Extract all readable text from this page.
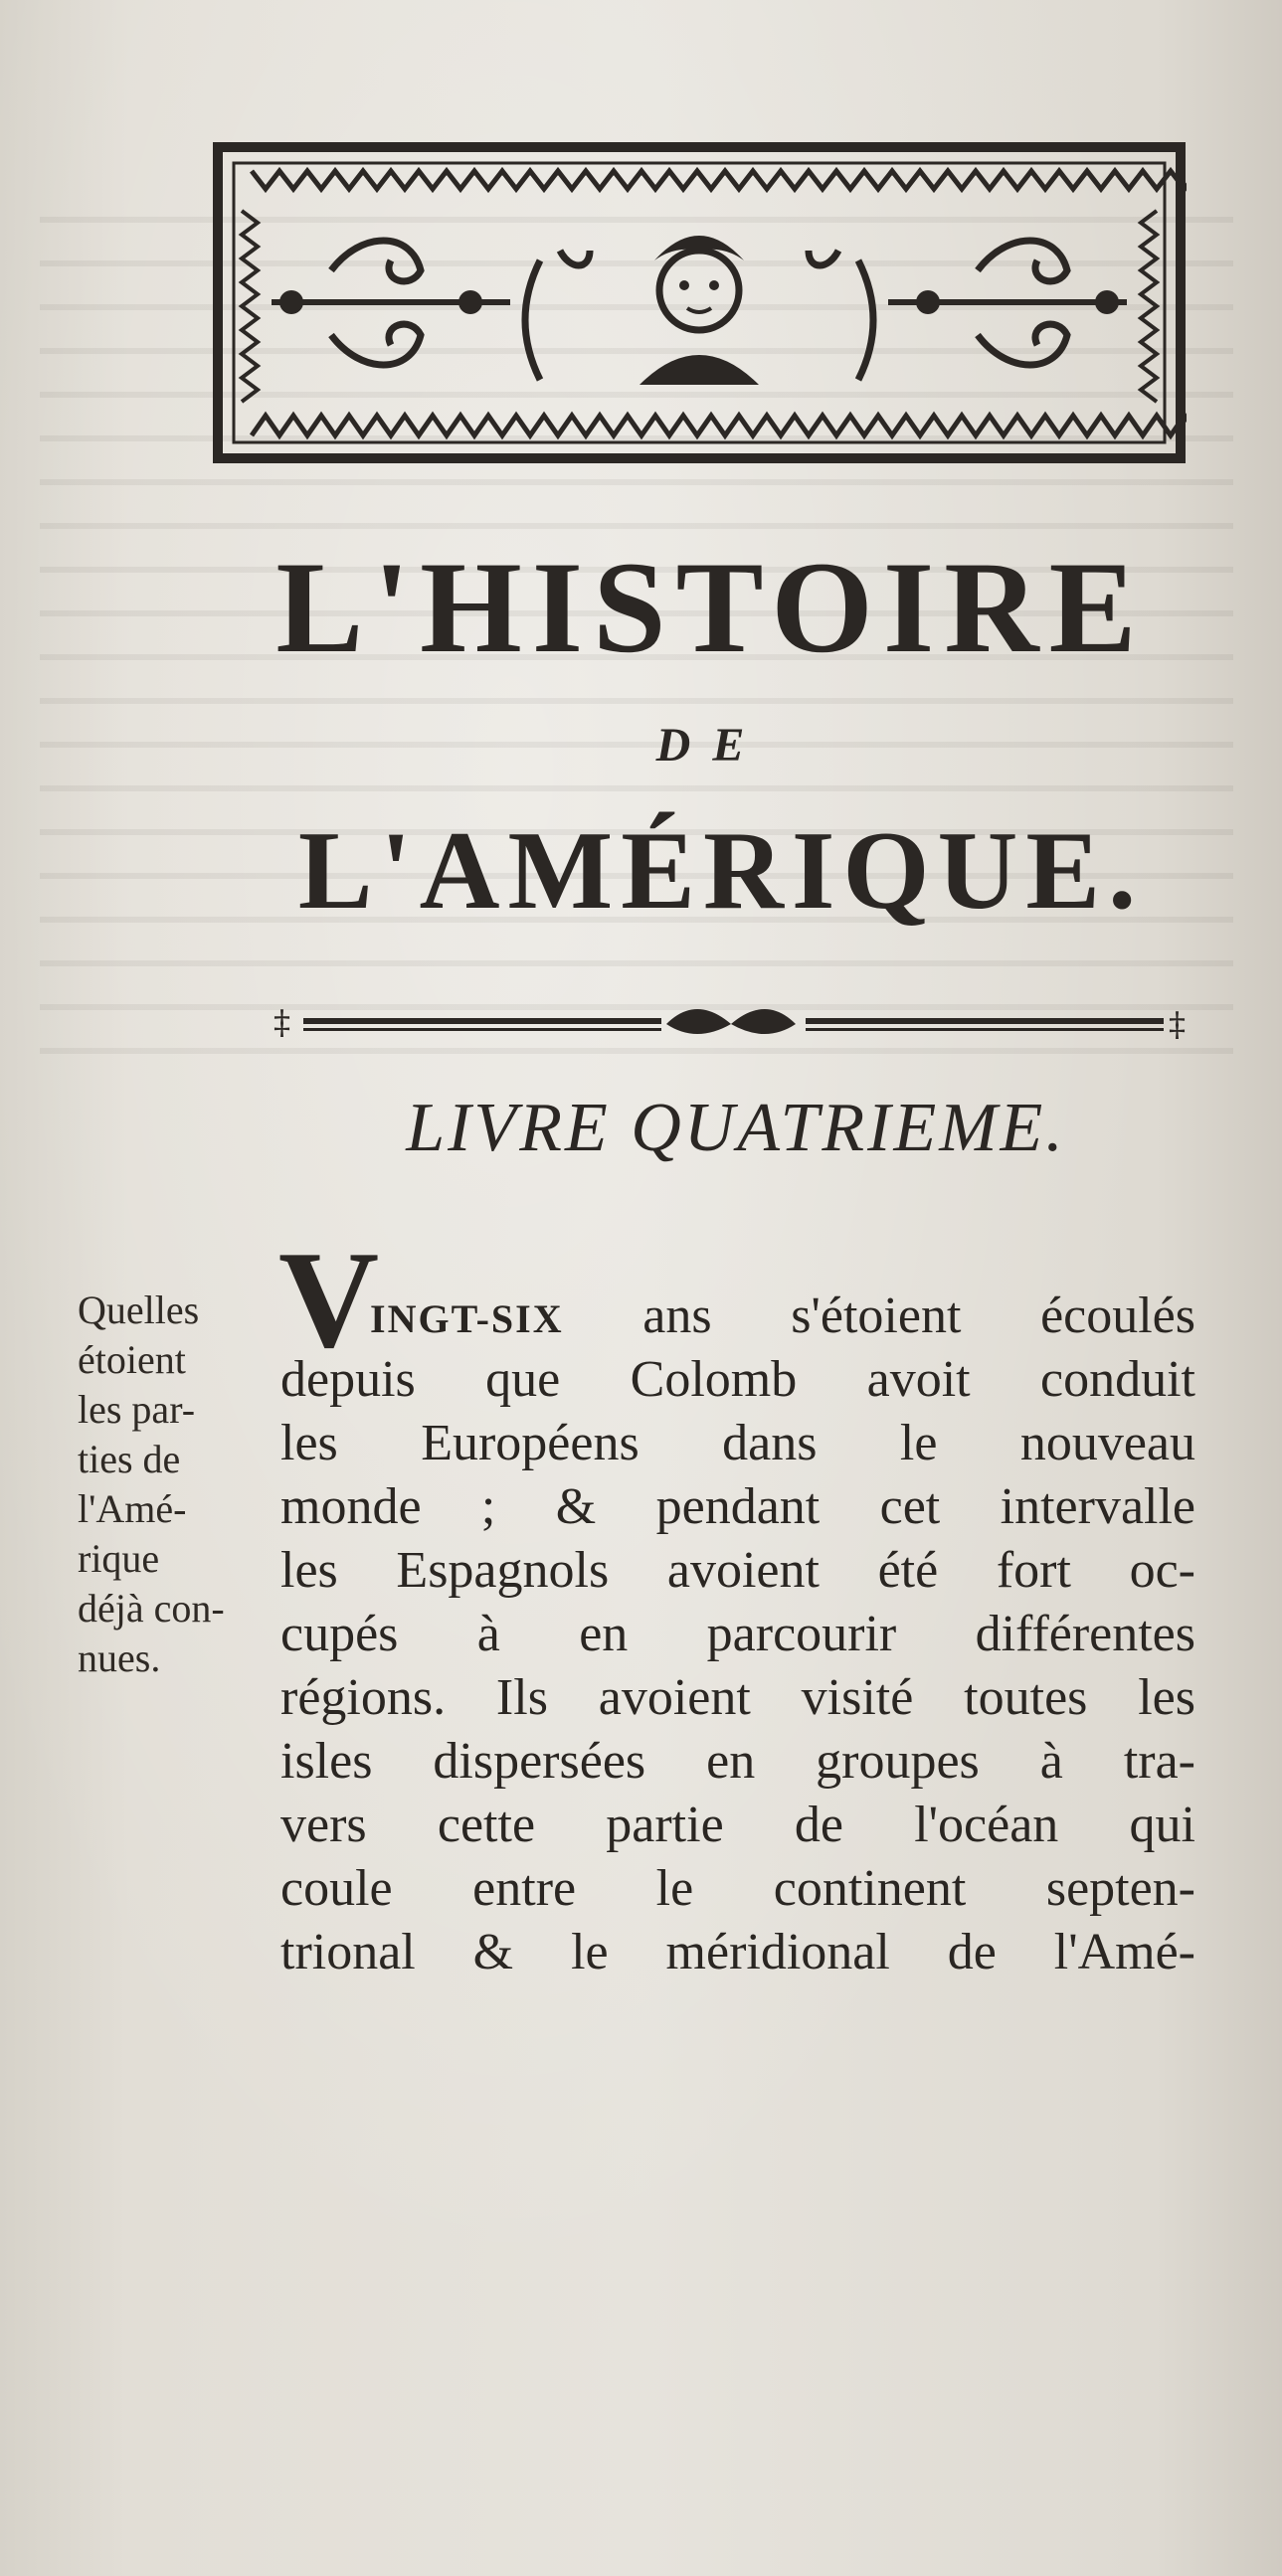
L'HISTOIRE
DE
L'AMÉRIQUE.
‡	‡
LIVRE QUATRIEME.
Quelles
étoient
les par-
ties de
l'Amé-
rique
déjà con-
nues.
V
INGT-SIX ans s'étoient écoulés
depuis que Colomb avoit conduit
les Européens dans le nouveau
monde ; & pendant cet intervalle
les Espagnols avoient été fort oc-
cupés à en parcourir différentes
régions. Ils avoient visité toutes les
isles dispersées en groupes à tra-
vers cette partie de l'océan qui
coule entre le continent septen-
trional & le méridional de l'Amé-
